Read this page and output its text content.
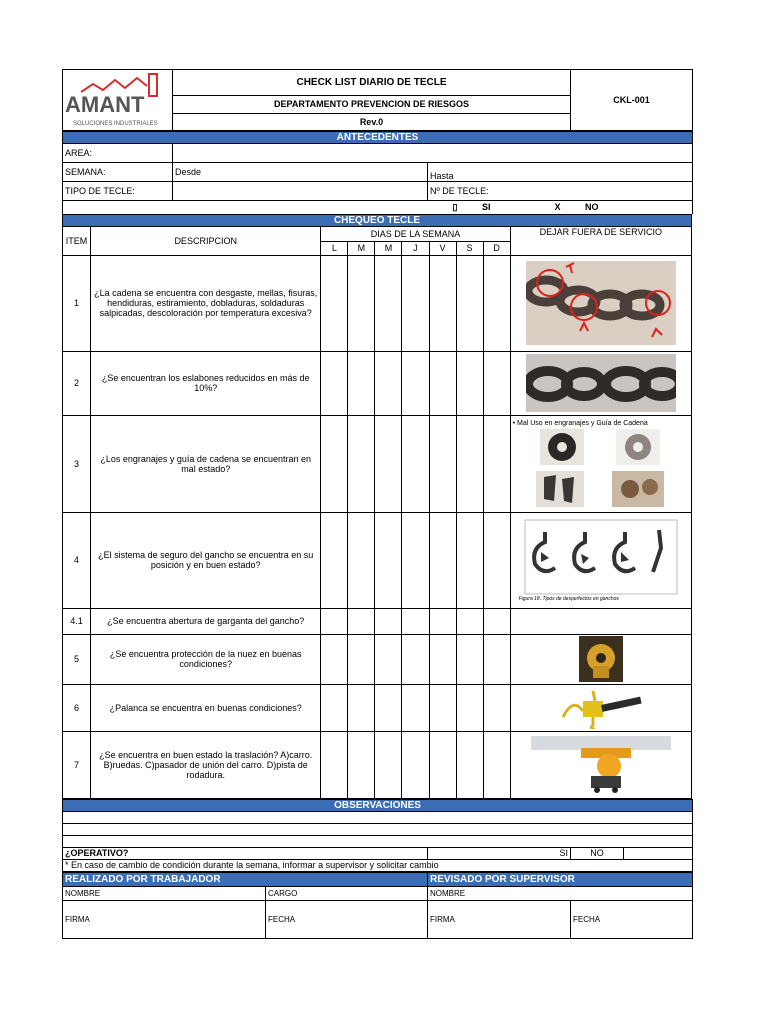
AMANT
SOLUCIONES INDUSTRIALES
	CHECK LIST DIARIO DE TECLE	CKL-001
DEPARTAMENTO PREVENCION DE RIESGOS
Rev.0
ANTECEDENTES		
AREA:		
SEMANA:	Desde	Hasta
TIPO DE TECLE:		Nº DE TECLE:
		▯ SI X NO
CHEQUEO TECLE									
ITEM	DESCRIPCION	DIAS DE LA SEMANA							DEJAR FUERA DE SERVICIO
		L	M	M	J	V	S	D	
1	¿La cadena se encuentra con desgaste, mellas, fisuras, hendiduras, estiramiento, dobladuras, soldaduras salpicadas, descoloración por temperatura excesiva?								

2	¿Se encuentran los eslabones reducidos en más de 10%?								

3	¿Los engranajes y guía de cadena se encuentran en mal estado?								• Mal Uso en engranajes y Guía de Cadena

4	¿El sistema de seguro del gancho se encuentra en su posición y en buen estado?								Figura 18. Tipos de desperfectos en ganchos

4.1	¿Se encuentra abertura de garganta del gancho?								
5	¿Se encuentra protección de la nuez en buenas condiciones?								

6	¿Palanca se encuentra en buenas condiciones?								

7	¿Se encuentra en buen estado la traslación? A)carro. B)ruedas. C)pasador de unión del carro. D)pista de rodadura.								
OBSERVACIONES

¿OPERATIVO?	SI	NO	
* En caso de cambio de condición durante la semana, informar a supervisor y solicitar cambio
REALIZADO POR TRABAJADOR		REVISADO POR SUPERVISOR	
NOMBRE	CARGO	NOMBRE	
FIRMA	FECHA	FIRMA	FECHA
